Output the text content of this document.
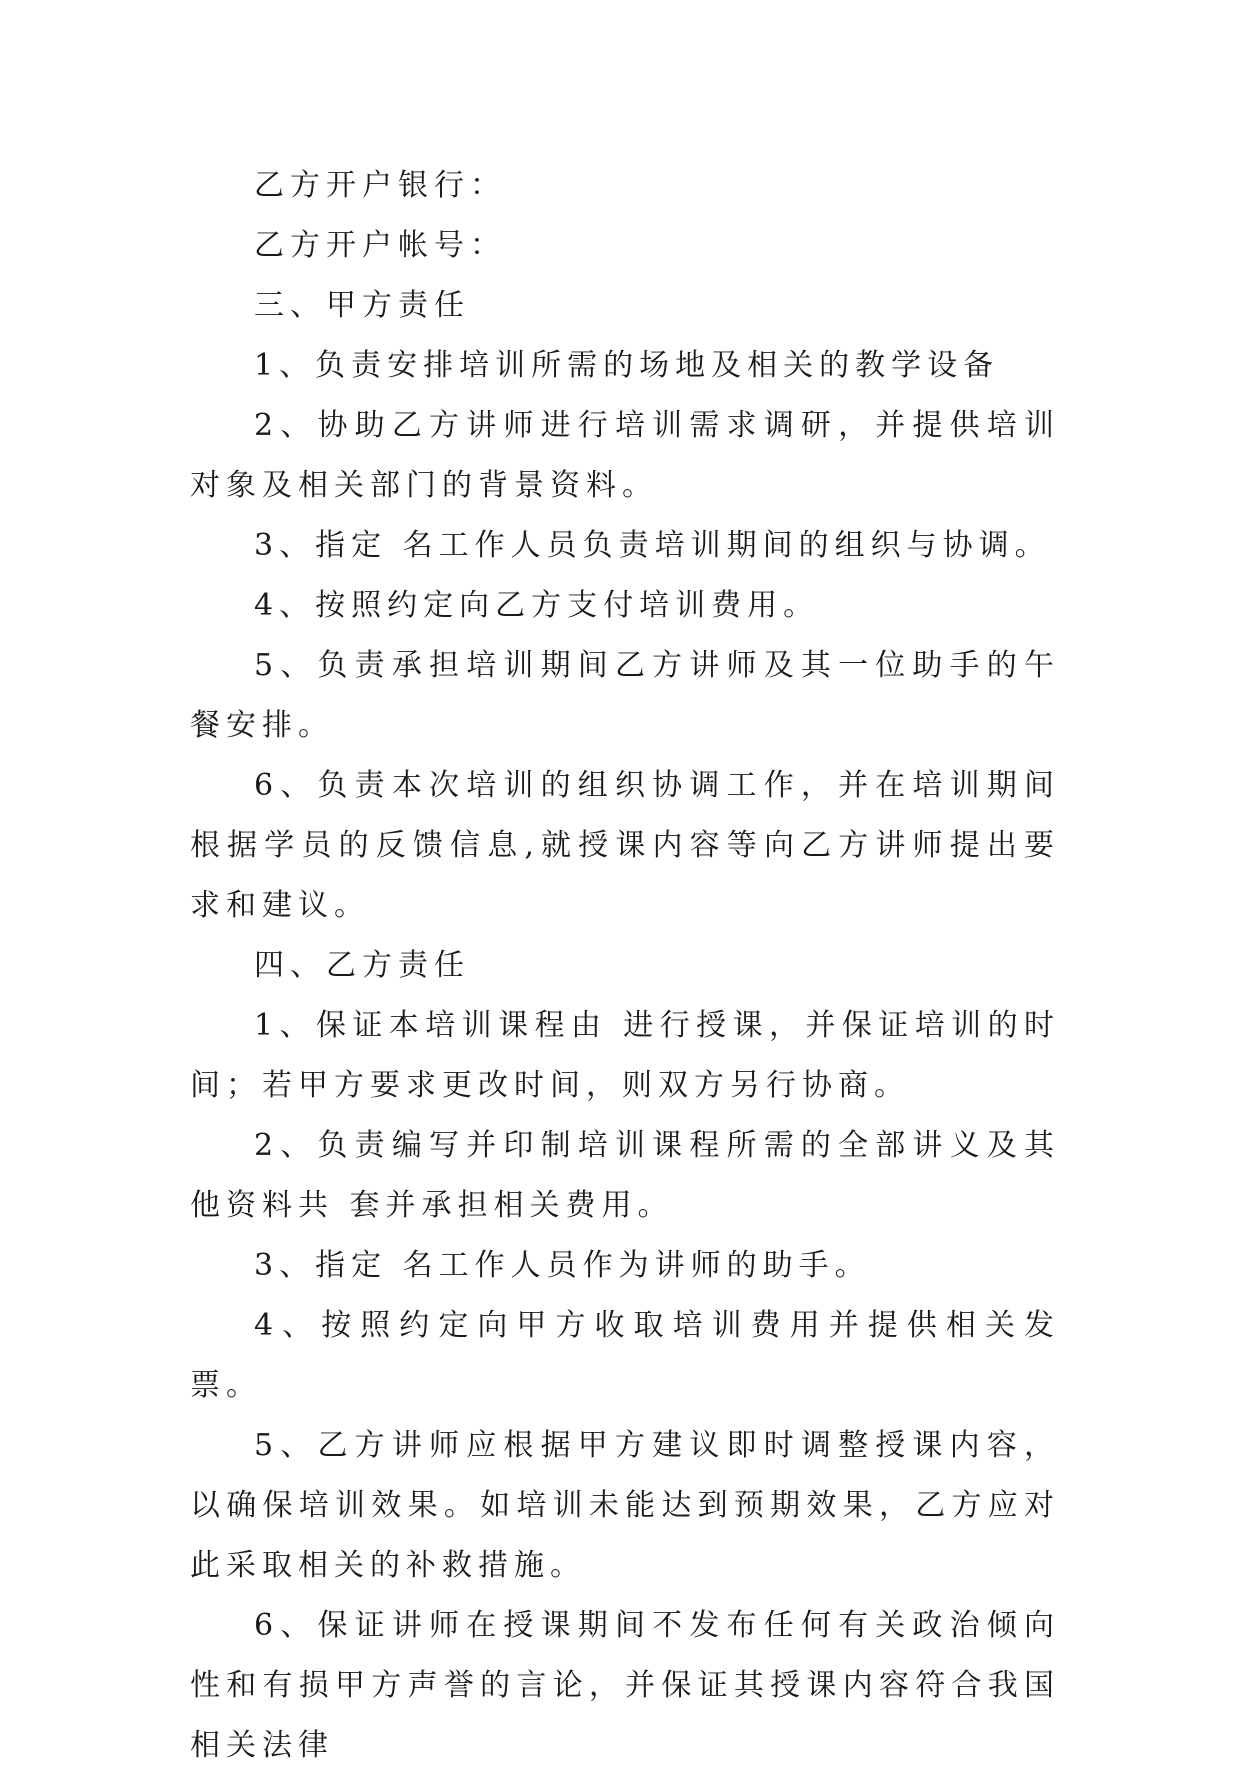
乙方开户银行：

乙方开户帐号：

三、甲方责任

1、负责安排培训所需的场地及相关的教学设备

2、协助乙方讲师进行培训需求调研，并提供培训对象及相关部门的背景资料。

3、指定 名工作人员负责培训期间的组织与协调。

4、按照约定向乙方支付培训费用。

5、负责承担培训期间乙方讲师及其一位助手的午餐安排。

6、负责本次培训的组织协调工作，并在培训期间根据学员的反馈信息,就授课内容等向乙方讲师提出要求和建议。

四、乙方责任

1、保证本培训课程由 进行授课，并保证培训的时间；若甲方要求更改时间，则双方另行协商。

2、负责编写并印制培训课程所需的全部讲义及其他资料共 套并承担相关费用。

3、指定 名工作人员作为讲师的助手。

4、按照约定向甲方收取培训费用并提供相关发票。

5、乙方讲师应根据甲方建议即时调整授课内容，以确保培训效果。如培训未能达到预期效果，乙方应对此采取相关的补救措施。

6、保证讲师在授课期间不发布任何有关政治倾向性和有损甲方声誉的言论，并保证其授课内容符合我国相关法律
